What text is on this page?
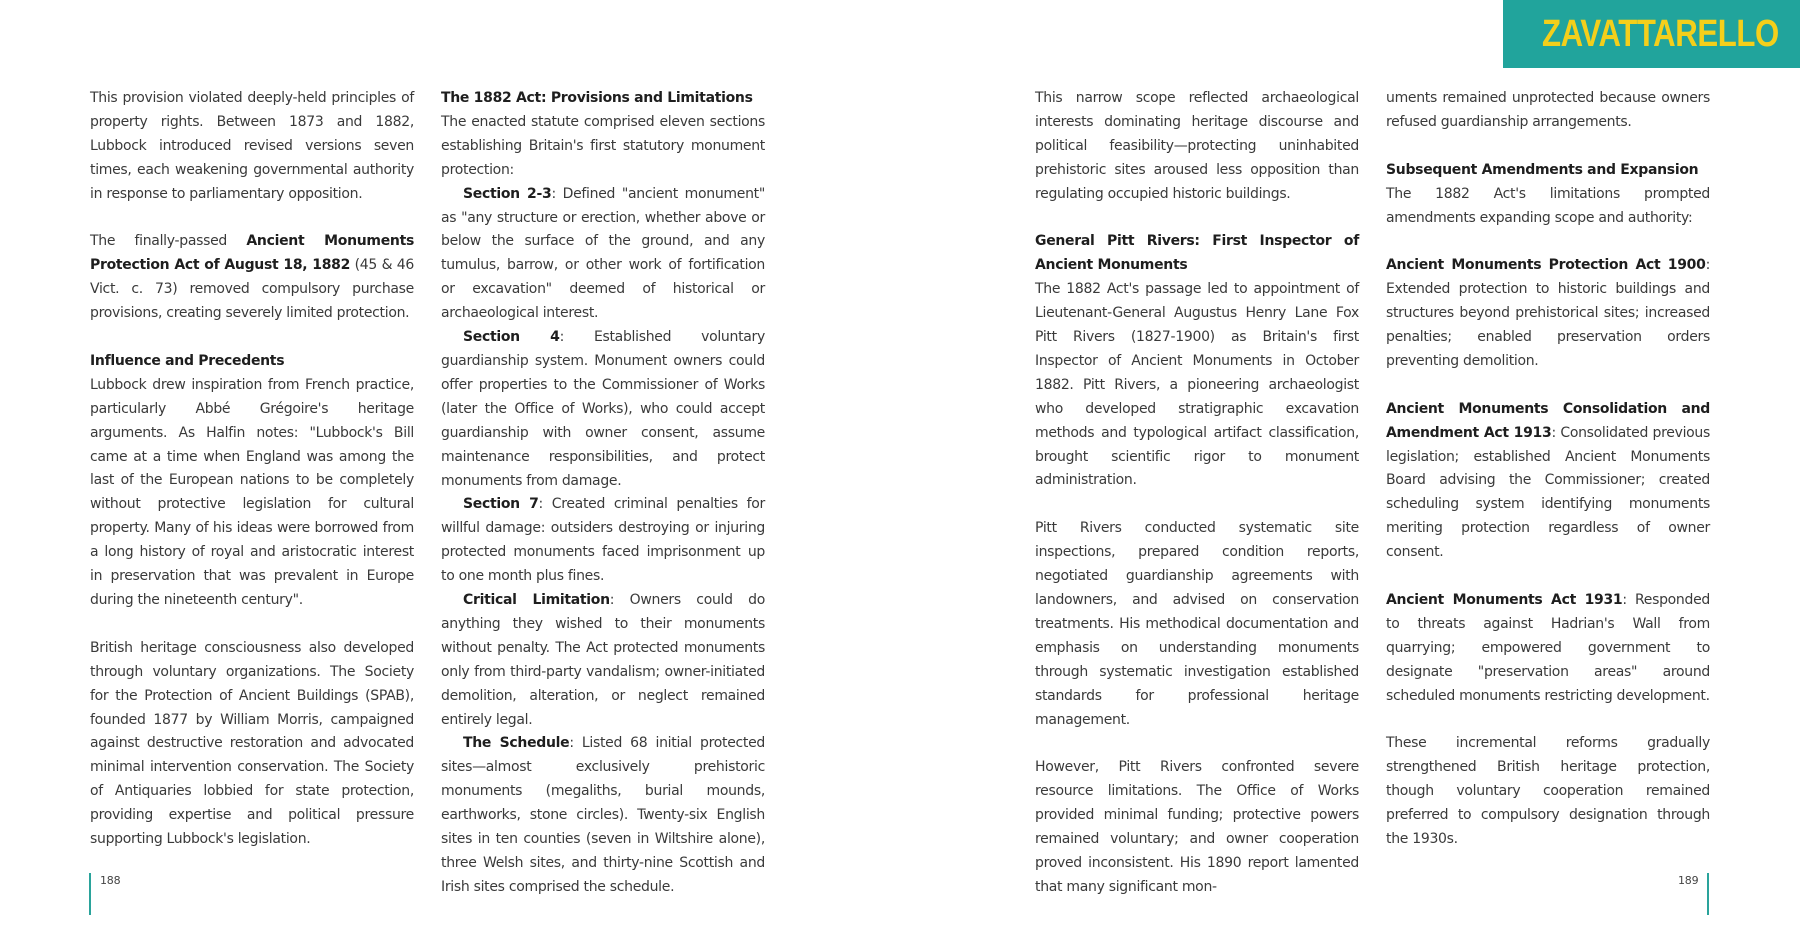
This provision violated deeply-held principles of property rights. Between 1873 and 1882, Lubbock introduced revised versions seven times, each weakening governmental authority in response to parliamentary opposition.

The finally-passed Ancient Monuments Protection Act of August 18, 1882 (45 & 46 Vict. c. 73) removed compulsory purchase provisions, creating severely limited protection.

Influence and Precedents

Lubbock drew inspiration from French practice, particularly Abbé Grégoire's heritage arguments. As Halfin notes: "Lubbock's Bill came at a time when England was among the last of the European nations to be completely without protective legislation for cultural property. Many of his ideas were borrowed from a long history of royal and aristocratic interest in preservation that was prevalent in Europe during the nineteenth century".

British heritage consciousness also developed through voluntary organizations. The Society for the Protection of Ancient Buildings (SPAB), founded 1877 by William Morris, campaigned against destructive restoration and advocated minimal intervention conservation. The Society of Antiquaries lobbied for state protection, providing expertise and political pressure supporting Lubbock's legislation.

The 1882 Act: Provisions and Limitations

The enacted statute comprised eleven sections establishing Britain's first statutory monument protection:

Section 2-3: Defined "ancient monument" as "any structure or erection, whether above or below the surface of the ground, and any tumulus, barrow, or other work of fortification or excavation" deemed of historical or archaeological interest.

Section 4: Established voluntary guardianship system. Monument owners could offer properties to the Commissioner of Works (later the Office of Works), who could accept guardianship with owner consent, assume maintenance responsibilities, and protect monuments from damage.

Section 7: Created criminal penalties for willful damage: outsiders destroying or injuring protected monuments faced imprisonment up to one month plus fines.

Critical Limitation: Owners could do anything they wished to their monuments without penalty. The Act protected monuments only from third-party vandalism; owner-initiated demolition, alteration, or neglect remained entirely legal.

The Schedule: Listed 68 initial protected sites—almost exclusively prehistoric monuments (megaliths, burial mounds, earthworks, stone circles). Twenty-six English sites in ten counties (seven in Wiltshire alone), three Welsh sites, and thirty-nine Scottish and Irish sites comprised the schedule.

188
ZAVATTARELLO

This narrow scope reflected archaeological interests dominating heritage discourse and political feasibility—protecting uninhabited prehistoric sites aroused less opposition than regulating occupied historic buildings.

General Pitt Rivers: First Inspector of Ancient Monuments

The 1882 Act's passage led to appointment of Lieutenant-General Augustus Henry Lane Fox Pitt Rivers (1827-1900) as Britain's first Inspector of Ancient Monuments in October 1882. Pitt Rivers, a pioneering archaeologist who developed stratigraphic excavation methods and typological artifact classification, brought scientific rigor to monument administration.

Pitt Rivers conducted systematic site inspections, prepared condition reports, negotiated guardianship agreements with landowners, and advised on conservation treatments. His methodical documentation and emphasis on understanding monuments through systematic investigation established standards for professional heritage management.

However, Pitt Rivers confronted severe resource limitations. The Office of Works provided minimal funding; protective powers remained voluntary; and owner cooperation proved inconsistent. His 1890 report lamented that many significant mon-

uments remained unprotected because owners refused guardianship arrangements.

Subsequent Amendments and Expansion

The 1882 Act's limitations prompted amendments expanding scope and authority:

Ancient Monuments Protection Act 1900: Extended protection to historic buildings and structures beyond prehistorical sites; increased penalties; enabled preservation orders preventing demolition.

Ancient Monuments Consolidation and Amendment Act 1913: Consolidated previous legislation; established Ancient Monuments Board advising the Commissioner; created scheduling system identifying monuments meriting protection regardless of owner consent.

Ancient Monuments Act 1931: Responded to threats against Hadrian's Wall from quarrying; empowered government to designate "preservation areas" around scheduled monuments restricting development.

These incremental reforms gradually strengthened British heritage protection, though voluntary cooperation remained preferred to compulsory designation through the 1930s.

189
